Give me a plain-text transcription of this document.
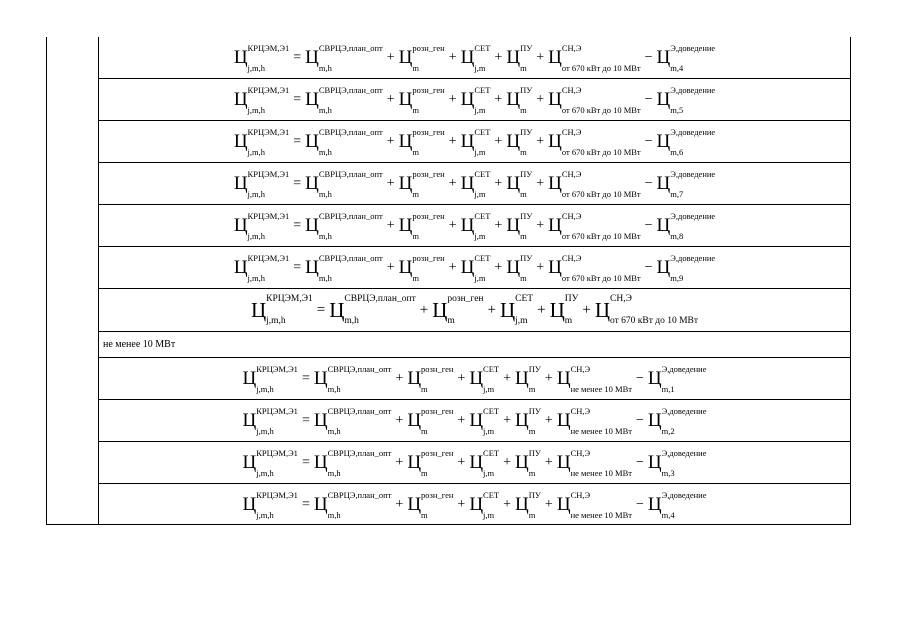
Ц КРЦЭМ,Э1
j,m,h
= Ц СВРЦЭ,план_опт
m,h
+ Ц розн_ген
m
+ Ц СЕТ
j,m
+ Ц ПУ
m
+ Ц СН,Э
от 670 кВт до 10 МВт
− Ц Э,доведение
m,4
Ц КРЦЭМ,Э1
j,m,h
= Ц СВРЦЭ,план_опт
m,h
+ Ц розн_ген
m
+ Ц СЕТ
j,m
+ Ц ПУ
m
+ Ц СН,Э
от 670 кВт до 10 МВт
− Ц Э,доведение
m,5
Ц КРЦЭМ,Э1
j,m,h
= Ц СВРЦЭ,план_опт
m,h
+ Ц розн_ген
m
+ Ц СЕТ
j,m
+ Ц ПУ
m
+ Ц СН,Э
от 670 кВт до 10 МВт
− Ц Э,доведение
m,6
Ц КРЦЭМ,Э1
j,m,h
= Ц СВРЦЭ,план_опт
m,h
+ Ц розн_ген
m
+ Ц СЕТ
j,m
+ Ц ПУ
m
+ Ц СН,Э
от 670 кВт до 10 МВт
− Ц Э,доведение
m,7
Ц КРЦЭМ,Э1
j,m,h
= Ц СВРЦЭ,план_опт
m,h
+ Ц розн_ген
m
+ Ц СЕТ
j,m
+ Ц ПУ
m
+ Ц СН,Э
от 670 кВт до 10 МВт
− Ц Э,доведение
m,8
Ц КРЦЭМ,Э1
j,m,h
= Ц СВРЦЭ,план_опт
m,h
+ Ц розн_ген
m
+ Ц СЕТ
j,m
+ Ц ПУ
m
+ Ц СН,Э
от 670 кВт до 10 МВт
− Ц Э,доведение
m,9
Ц КРЦЭМ,Э1
j,m,h
= Ц СВРЦЭ,план_опт
m,h
+ Ц розн_ген
m
+ Ц СЕТ
j,m
+ Ц ПУ
m
+ Ц СН,Э
от 670 кВт до 10 МВт
не менее 10 МВт
Ц КРЦЭМ,Э1
j,m,h
= Ц СВРЦЭ,план_опт
m,h
+ Ц розн_ген
m
+ Ц СЕТ
j,m
+ Ц ПУ
m
+ Ц СН,Э
не менее 10 МВт
− Ц Э,доведение
m,1
Ц КРЦЭМ,Э1
j,m,h
= Ц СВРЦЭ,план_опт
m,h
+ Ц розн_ген
m
+ Ц СЕТ
j,m
+ Ц ПУ
m
+ Ц СН,Э
не менее 10 МВт
− Ц Э,доведение
m,2
Ц КРЦЭМ,Э1
j,m,h
= Ц СВРЦЭ,план_опт
m,h
+ Ц розн_ген
m
+ Ц СЕТ
j,m
+ Ц ПУ
m
+ Ц СН,Э
не менее 10 МВт
− Ц Э,доведение
m,3
Ц КРЦЭМ,Э1
j,m,h
= Ц СВРЦЭ,план_опт
m,h
+ Ц розн_ген
m
+ Ц СЕТ
j,m
+ Ц ПУ
m
+ Ц СН,Э
не менее 10 МВт
− Ц Э,доведение
m,4
